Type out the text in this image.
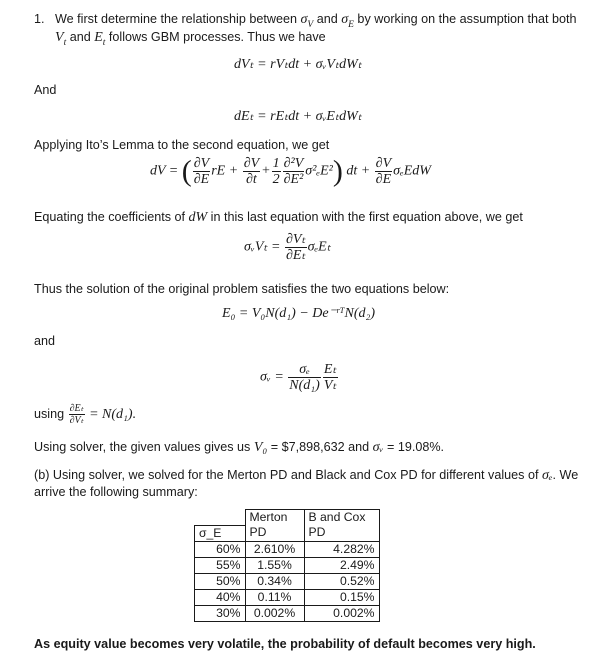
1. We first determine the relationship between $\sigma_V$ and $\sigma_E$ by working on the assumption that both
$V_t$ and $E_t$ follows GBM processes. Thus we have
dVₜ = rVₜdt + σᵥVₜdWₜ
And
dEₜ = rEₜdt + σᵥEₜdWₜ
Applying Ito’s Lemma to the second equation, we get
dV = ( $\frac{\partial V}{\partial E}$ rE + $\frac{\partial V}{\partial t} + \frac{1}{2} \frac{\text{∂²V}}{\text{∂E²}} \sigma^2_eE^2$) dt + $\frac{\partial V}{\partial E}$ σₑEdW
Equating the coefficients of dW in this last equation with the first equation above, we get
σᵥVₜ = $\frac{\text{∂Vₜ}}{\text{∂Eₜ}}$ σₑEₜ
Thus the solution of the original problem satisfies the two equations below:
E₀ = V₀N(d₁) − De⁻ʳᵀN(d₂)
and
σᵥ = $\frac{\text{σₑ}}{\text{N(d₁)}} \frac{\text{Eₜ}}{\text{Vₜ}}$
using $\frac{\text{∂Eₜ}}{\text{∂Vₜ}} = N(d_1)$.
Using solver, the given values gives us V₀ = $7,898,632 and σᵥ = 19.08%.
(b) Using solver, we solved for the Merton PD and Black and Cox PD for different values of σₑ. We
arrive the following summary:
	Merton	B and Cox
σ_E	PD	PD
60%	2.610%	4.282%
55%	1.55%	2.49%
50%	0.34%	0.52%
40%	0.11%	0.15%
30%	0.002%	0.002%
As equity value becomes very volatile, the probability of default becomes very high.
